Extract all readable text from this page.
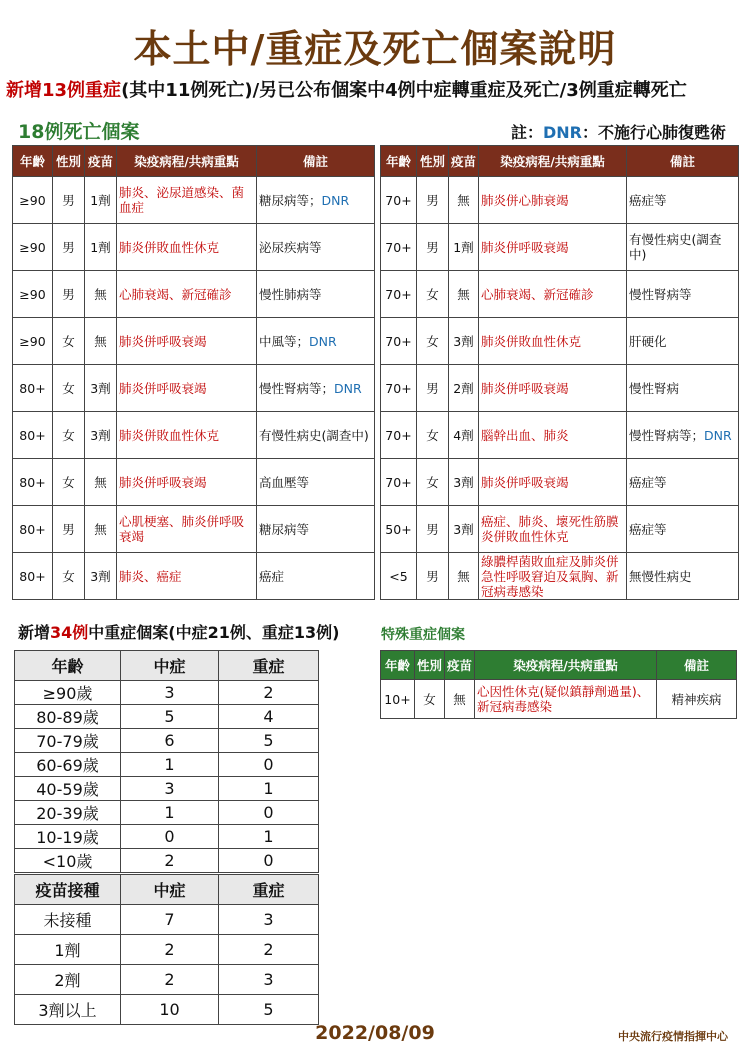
本土中/重症及死亡個案說明
新增13例重症(其中11例死亡)/另已公布個案中4例中症轉重症及死亡/3例重症轉死亡
18例死亡個案	註：DNR：不施行心肺復甦術
年齡	性別	疫苗	染疫病程/共病重點	備註
≥90	男	1劑	肺炎、泌尿道感染、菌血症	糖尿病等；DNR
≥90	男	1劑	肺炎併敗血性休克	泌尿疾病等
≥90	男	無	心肺衰竭、新冠確診	慢性肺病等
≥90	女	無	肺炎併呼吸衰竭	中風等；DNR
80+	女	3劑	肺炎併呼吸衰竭	慢性腎病等；DNR
80+	女	3劑	肺炎併敗血性休克	有慢性病史(調查中)
80+	女	無	肺炎併呼吸衰竭	高血壓等
80+	男	無	心肌梗塞、肺炎併呼吸衰竭	糖尿病等
80+	女	3劑	肺炎、癌症	癌症
年齡	性別	疫苗	染疫病程/共病重點	備註
70+	男	無	肺炎併心肺衰竭	癌症等
70+	男	1劑	肺炎併呼吸衰竭	有慢性病史(調查中)
70+	女	無	心肺衰竭、新冠確診	慢性腎病等
70+	女	3劑	肺炎併敗血性休克	肝硬化
70+	男	2劑	肺炎併呼吸衰竭	慢性腎病
70+	女	4劑	腦幹出血、肺炎	慢性腎病等；DNR
70+	女	3劑	肺炎併呼吸衰竭	癌症等
50+	男	3劑	癌症、肺炎、壞死性筋膜炎併敗血性休克	癌症等
<5	男	無	綠膿桿菌敗血症及肺炎併急性呼吸窘迫及氣胸、新冠病毒感染	無慢性病史
新增34例中重症個案(中症21例、重症13例)	特殊重症個案
年齡	性別	疫苗	染疫病程/共病重點	備註
10+	女	無	心因性休克(疑似鎮靜劑過量)、新冠病毒感染	精神疾病
年齡	中症	重症
≥90歲	3	2
80-89歲	5	4
70-79歲	6	5
60-69歲	1	0
40-59歲	3	1
20-39歲	1	0
10-19歲	0	1
<10歲	2	0
疫苗接種	中症	重症
未接種	7	3
1劑	2	2
2劑	2	3
3劑以上	10	5
2022/08/09	中央流行疫情指揮中心
